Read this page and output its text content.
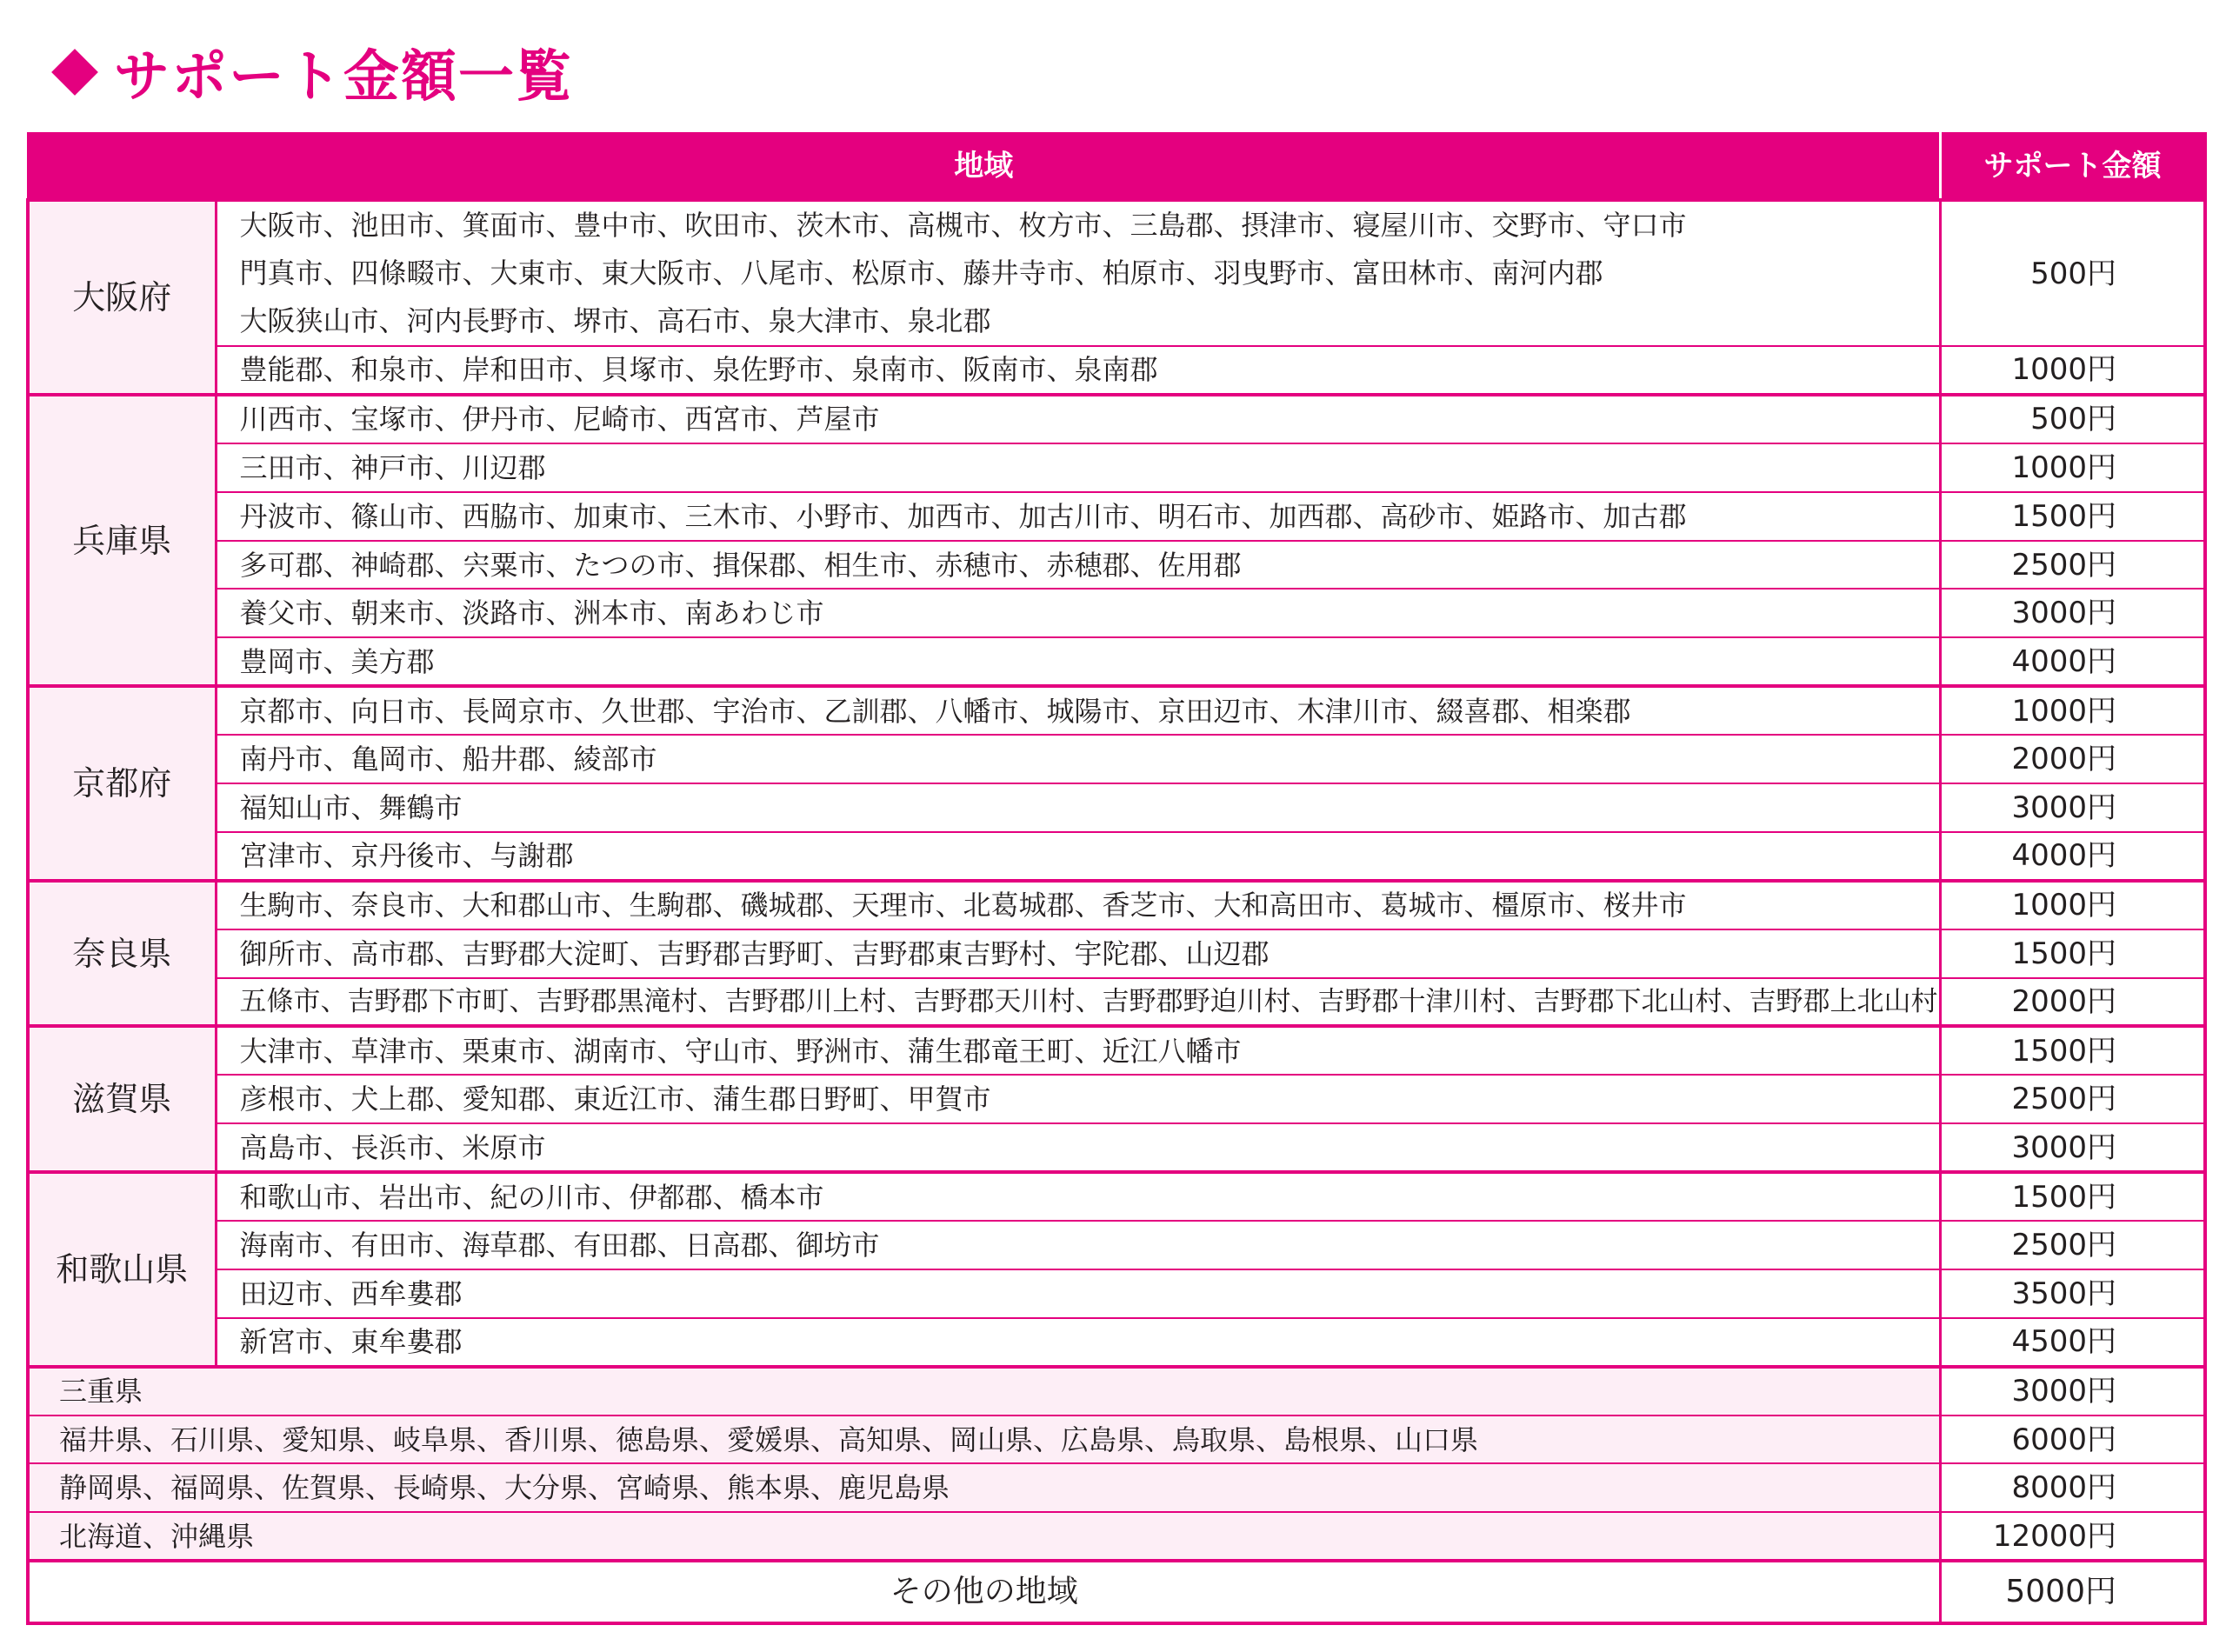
サポート金額一覧
地域		サポート金額
大阪府	大阪市、池田市、箕面市、豊中市、吹田市、茨木市、高槻市、枚方市、三島郡、摂津市、寝屋川市、交野市、守口市
門真市、四條畷市、大東市、東大阪市、八尾市、松原市、藤井寺市、柏原市、羽曳野市、富田林市、南河内郡
大阪狭山市、河内長野市、堺市、高石市、泉大津市、泉北郡	500円
	豊能郡、和泉市、岸和田市、貝塚市、泉佐野市、泉南市、阪南市、泉南郡	1000円
兵庫県	川西市、宝塚市、伊丹市、尼崎市、西宮市、芦屋市	500円
	三田市、神戸市、川辺郡	1000円
	丹波市、篠山市、西脇市、加東市、三木市、小野市、加西市、加古川市、明石市、加西郡、高砂市、姫路市、加古郡	1500円
	多可郡、神崎郡、宍粟市、たつの市、揖保郡、相生市、赤穂市、赤穂郡、佐用郡	2500円
	養父市、朝来市、淡路市、洲本市、南あわじ市	3000円
	豊岡市、美方郡	4000円
京都府	京都市、向日市、長岡京市、久世郡、宇治市、乙訓郡、八幡市、城陽市、京田辺市、木津川市、綴喜郡、相楽郡	1000円
	南丹市、亀岡市、船井郡、綾部市	2000円
	福知山市、舞鶴市	3000円
	宮津市、京丹後市、与謝郡	4000円
奈良県	生駒市、奈良市、大和郡山市、生駒郡、磯城郡、天理市、北葛城郡、香芝市、大和高田市、葛城市、橿原市、桜井市	1000円
	御所市、高市郡、吉野郡大淀町、吉野郡吉野町、吉野郡東吉野村、宇陀郡、山辺郡	1500円
	五條市、吉野郡下市町、吉野郡黒滝村、吉野郡川上村、吉野郡天川村、吉野郡野迫川村、吉野郡十津川村、吉野郡下北山村、吉野郡上北山村	2000円
滋賀県	大津市、草津市、栗東市、湖南市、守山市、野洲市、蒲生郡竜王町、近江八幡市	1500円
	彦根市、犬上郡、愛知郡、東近江市、蒲生郡日野町、甲賀市	2500円
	高島市、長浜市、米原市	3000円
和歌山県	和歌山市、岩出市、紀の川市、伊都郡、橋本市	1500円
	海南市、有田市、海草郡、有田郡、日高郡、御坊市	2500円
	田辺市、西牟婁郡	3500円
	新宮市、東牟婁郡	4500円
三重県		3000円
福井県、石川県、愛知県、岐阜県、香川県、徳島県、愛媛県、高知県、岡山県、広島県、鳥取県、島根県、山口県		6000円
静岡県、福岡県、佐賀県、長崎県、大分県、宮崎県、熊本県、鹿児島県		8000円
北海道、沖縄県		12000円
その他の地域		5000円
